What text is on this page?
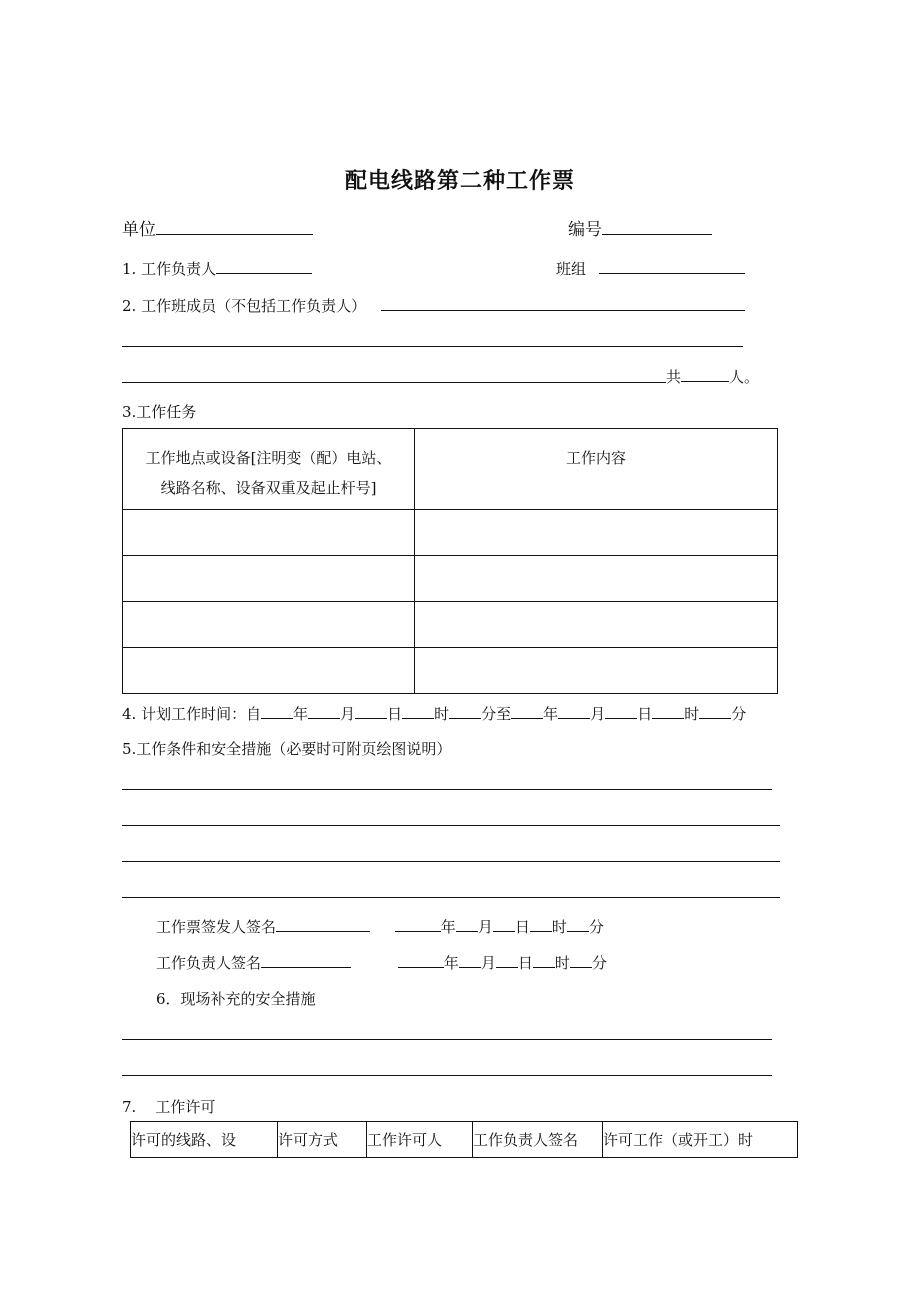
配电线路第二种工作票
单位	编号
1. 工作负责人	班组
2. 工作班成员（不包括工作负责人）
共	人。
3.工作任务
工作地点或设备[注明变（配）电站、
线路名称、设备双重及起止杆号]	工作内容

4. 计划工作时间：自 年 月 日 时 分至 年 月 日 时 分
5.工作条件和安全措施（必要时可附页绘图说明）
工作票签发人签名	年 月 日 时 分
工作负责人签名	年 月 日 时 分
6．现场补充的安全措施
7.    工作许可
许可的线路、设	许可方式	工作许可人	工作负责人签名	许可工作（或开工）时
